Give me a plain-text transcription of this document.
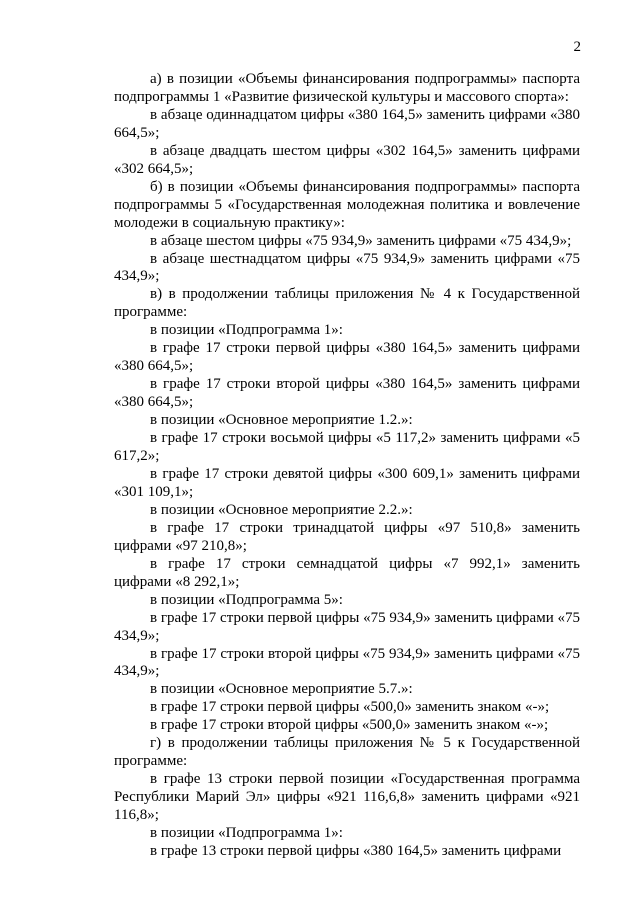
2

а) в позиции «Объемы финансирования подпрограммы» паспорта подпрограммы 1 «Развитие физической культуры и массового спорта»:

в абзаце одиннадцатом цифры «380 164,5» заменить цифрами «380 664,5»;

в абзаце двадцать шестом цифры «302 164,5» заменить цифрами «302 664,5»;

б) в позиции «Объемы финансирования подпрограммы» паспорта подпрограммы 5 «Государственная молодежная политика и вовлечение молодежи в социальную практику»:

в абзаце шестом цифры «75 934,9» заменить цифрами «75 434,9»;

в абзаце шестнадцатом цифры «75 934,9» заменить цифрами «75 434,9»;

в) в продолжении таблицы приложения № 4 к Государственной программе:

в позиции «Подпрограмма 1»:

в графе 17 строки первой цифры «380 164,5» заменить цифрами «380 664,5»;

в графе 17 строки второй цифры «380 164,5» заменить цифрами «380 664,5»;

в позиции «Основное мероприятие 1.2.»:

в графе 17 строки восьмой цифры «5 117,2» заменить цифрами «5 617,2»;

в графе 17 строки девятой цифры «300 609,1» заменить цифрами «301 109,1»;

в позиции «Основное мероприятие 2.2.»:

в графе 17 строки тринадцатой цифры «97 510,8» заменить цифрами «97 210,8»;

в графе 17 строки семнадцатой цифры «7 992,1» заменить цифрами «8 292,1»;

в позиции «Подпрограмма 5»:

в графе 17 строки первой цифры «75 934,9» заменить цифрами «75 434,9»;

в графе 17 строки второй цифры «75 934,9» заменить цифрами «75 434,9»;

в позиции «Основное мероприятие 5.7.»:

в графе 17 строки первой цифры «500,0» заменить знаком «-»;

в графе 17 строки второй цифры «500,0» заменить знаком «-»;

г) в продолжении таблицы приложения № 5 к Государственной программе:

в графе 13 строки первой позиции «Государственная программа Республики Марий Эл» цифры «921 116,6,8» заменить цифрами «921 116,8»;

в позиции «Подпрограмма 1»:

в графе 13 строки первой цифры «380 164,5» заменить цифрами
